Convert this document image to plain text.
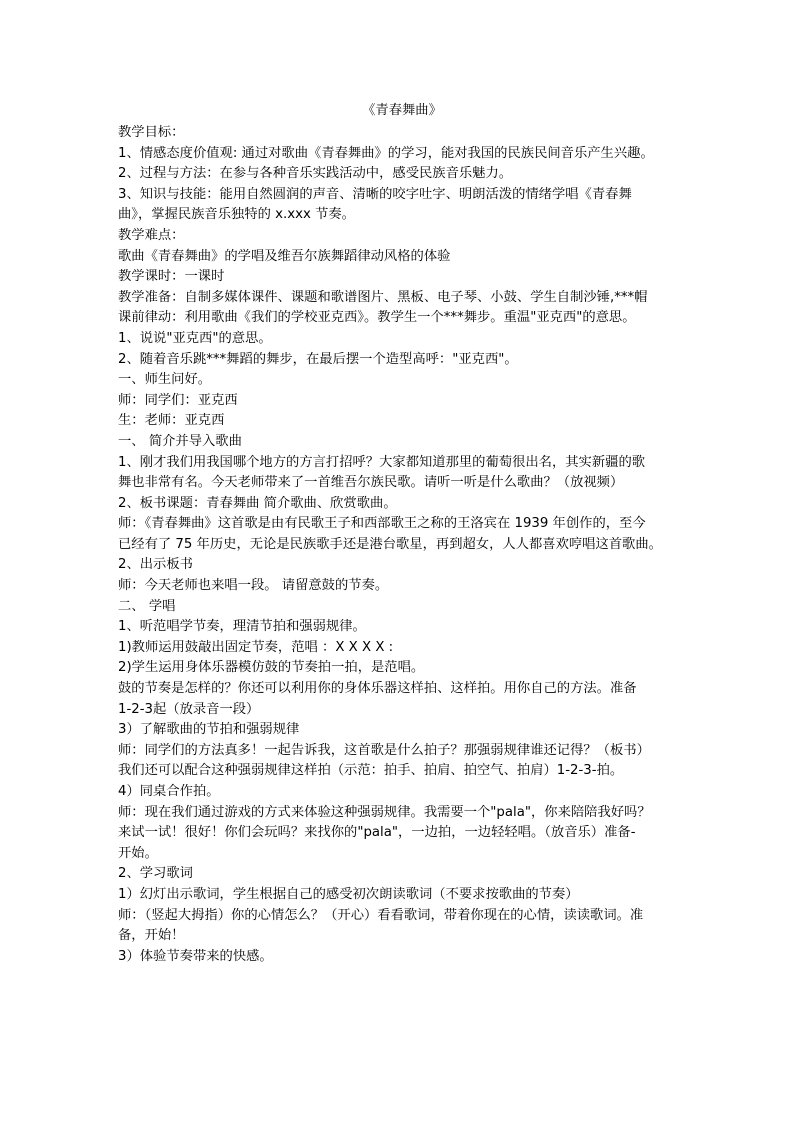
《青春舞曲》
教学目标：
1、情感态度价值观: 通过对歌曲《青春舞曲》的学习，能对我国的民族民间音乐产生兴趣。
2、过程与方法：在参与各种音乐实践活动中，感受民族音乐魅力。
3、知识与技能：能用自然圆润的声音、清晰的咬字吐字、明朗活泼的情绪学唱《青春舞
曲》，掌握民族音乐独特的 x.xxx 节奏。
教学难点：
歌曲《青春舞曲》的学唱及维吾尔族舞蹈律动风格的体验
教学课时：一课时
教学准备：自制多媒体课件、课题和歌谱图片、黑板、电子琴、小鼓、学生自制沙锤,***帽
课前律动：利用歌曲《我们的学校亚克西》。教学生一个***舞步。重温"亚克西"的意思。
1、说说"亚克西"的意思。
2、随着音乐跳***舞蹈的舞步，在最后摆一个造型高呼："亚克西"。
一、师生问好。
师：同学们：亚克西
生：老师：亚克西
一、 简介并导入歌曲
1、刚才我们用我国哪个地方的方言打招呼？大家都知道那里的葡萄很出名，其实新疆的歌
舞也非常有名。今天老师带来了一首维吾尔族民歌。请听一听是什么歌曲？（放视频）
2、板书课题：青春舞曲 简介歌曲、欣赏歌曲。
师：《青春舞曲》这首歌是由有民歌王子和西部歌王之称的王洛宾在 1939 年创作的，至今
已经有了 75 年历史，无论是民族歌手还是港台歌星，再到超女，人人都喜欢哼唱这首歌曲。
2、出示板书
师：今天老师也来唱一段。 请留意鼓的节奏。
二、 学唱
1、听范唱学节奏，理清节拍和强弱规律。
1)教师运用鼓敲出固定节奏，范唱 ：X X X X :
2)学生运用身体乐器模仿鼓的节奏拍一拍，是范唱。
鼓的节奏是怎样的？你还可以利用你的身体乐器这样拍、这样拍。用你自己的方法。准备
1-2-3起（放录音一段）
3）了解歌曲的节拍和强弱规律
师：同学们的方法真多！一起告诉我，这首歌是什么拍子？那强弱规律谁还记得？（板书）
我们还可以配合这种强弱规律这样拍（示范：拍手、拍肩、拍空气、拍肩）1-2-3-拍。
4）同桌合作拍。
师：现在我们通过游戏的方式来体验这种强弱规律。我需要一个"pala"，你来陪陪我好吗？
来试一试！很好！你们会玩吗？来找你的"pala"，一边拍，一边轻轻唱。（放音乐）准备-
开始。
2、学习歌词
1）幻灯出示歌词，学生根据自己的感受初次朗读歌词（不要求按歌曲的节奏）
师：（竖起大拇指）你的心情怎么？（开心）看看歌词，带着你现在的心情，读读歌词。准
备，开始！
3）体验节奏带来的快感。
